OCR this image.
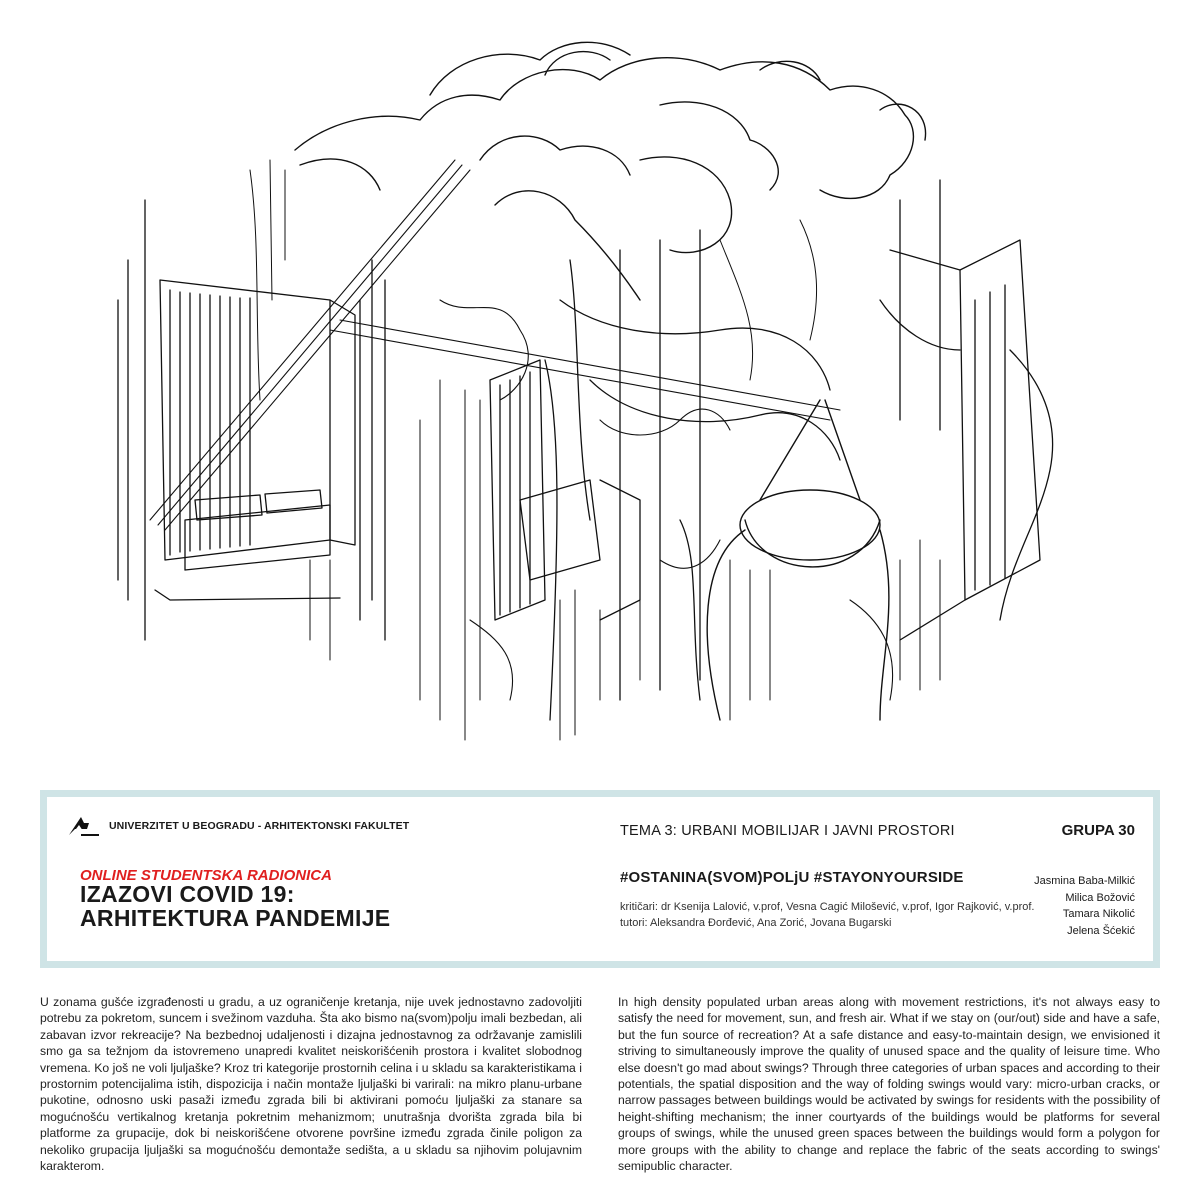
UNIVERZITET U BEOGRADU - ARHITEKTONSKI FAKULTET
ONLINE STUDENTSKA RADIONICA
IZAZOVI COVID 19:
ARHITEKTURA PANDEMIJE
TEMA 3: URBANI MOBILIJAR I JAVNI PROSTORI	GRUPA 30
#OSTANINA(SVOM)POLjU #STAYONYOURSIDE
kritičari: dr Ksenija Lalović, v.prof, Vesna Cagić Milošević, v.prof, Igor Rajković, v.prof.
tutori: Aleksandra Đorđević, Ana Zorić, Jovana Bugarski
Jasmina Baba-Milkić
Milica Božović
Tamara Nikolić
Jelena Šćekić
U zonama gušće izgrađenosti u gradu, a uz ograničenje kretanja, nije uvek jednostavno zadovoljiti potrebu za pokretom, suncem i svežinom vazduha. Šta ako bismo na(svom)polju imali bezbedan, ali zabavan izvor rekreacije? Na bezbednoj udaljenosti i dizajna jednostavnog za održavanje zamislili smo ga sa težnjom da istovremeno unapredi kvalitet neiskorišćenih prostora i kvalitet slobodnog vremena. Ko još ne voli ljuljaške? Kroz tri kategorije prostornih celina i u skladu sa karakteristikama i prostornim potencijalima istih, dispozicija i način montaže ljuljaški bi varirali: na mikro planu-urbane pukotine, odnosno uski pasaži između zgrada bili bi aktivirani pomoću ljuljaški za stanare sa mogućnošću vertikalnog kretanja pokretnim mehanizmom; unutrašnja dvorišta zgrada bila bi platforme za grupacije, dok bi neiskorišćene otvorene površine između zgrada činile poligon za nekoliko grupacija ljuljaški sa mogućnošću demontaže sedišta, a u skladu sa njihovim polujavnim karakterom.
In high density populated urban areas along with movement restrictions, it's not always easy to satisfy the need for movement, sun, and fresh air. What if we stay on (our/out) side and have a safe, but the fun source of recreation? At a safe distance and easy-to-maintain design, we envisioned it striving to simultaneously improve the quality of unused space and the quality of leisure time. Who else doesn't go mad about swings? Through three categories of urban spaces and according to their potentials, the spatial disposition and the way of folding swings would vary: micro-urban cracks, or narrow passages between buildings would be activated by swings for residents with the possibility of height-shifting mechanism; the inner courtyards of the buildings would be platforms for several groups of swings, while the unused green spaces between the buildings would form a polygon for more groups with the ability to change and replace the fabric of the seats according to swings' semipublic character.
